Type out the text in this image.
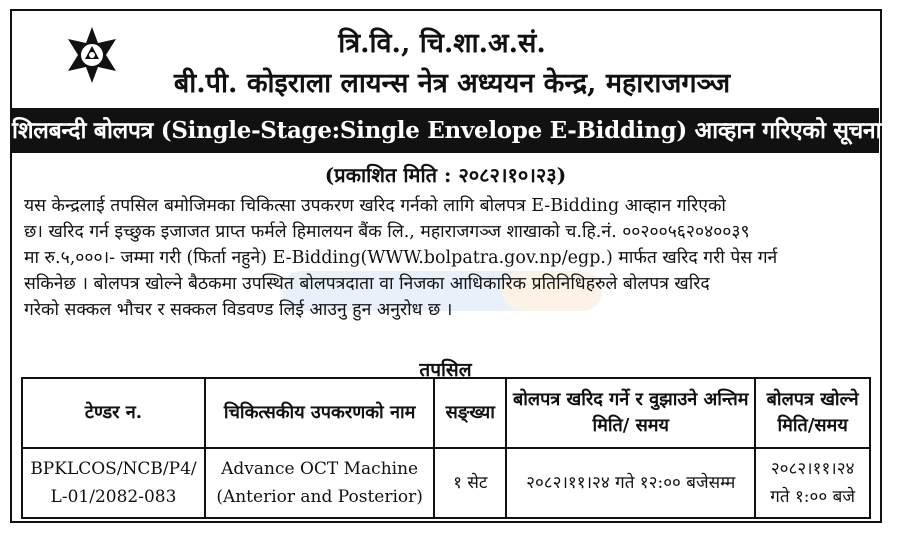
त्रि.वि., चि.शा.अ.सं.
बी.पी. कोइराला लायन्स नेत्र अध्ययन केन्द्र, महाराजगञ्ज
शिलबन्दी बोलपत्र (Single-Stage:Single Envelope E-Bidding) आव्हान गरिएको सूचना
(प्रकाशित मिति : २०८२।१०।२३)
यस केन्द्रलाई तपसिल बमोजिमका चिकित्सा उपकरण खरिद गर्नको लागि बोलपत्र E-Bidding आव्हान गरिएको
छ। खरिद गर्न इच्छुक इजाजत प्राप्त फर्मले हिमालयन बैंक लि., महाराजगञ्ज शाखाको च.हि.नं. ००२००५६२०४००३९
मा रु.५,०००।- जम्मा गरी (फिर्ता नहुने) E-Bidding(WWW.bolpatra.gov.np/egp.) मार्फत खरिद गरी पेस गर्न
सकिनेछ । बोलपत्र खोल्ने बैठकमा उपस्थित बोलपत्रदाता वा निजका आधिकारिक प्रतिनिधिहरुले बोलपत्र खरिद
गरेको सक्कल भौचर र सक्कल विडवण्ड लिई आउनु हुन अनुरोध छ ।
तपसिल
टेण्डर न.	चिकित्सकीय उपकरणको नाम	सङ्ख्या	बोलपत्र खरिद गर्ने र वुझाउने अन्तिम मिति/ समय	बोलपत्र खोल्ने मिति/समय
BPKLCOS/NCB/P4/ L-01/2082-083	Advance OCT Machine (Anterior and Posterior)	१ सेट	२०८२।११।२४ गते १२:०० बजेसम्म	२०८२।११।२४ गते १:०० बजे
